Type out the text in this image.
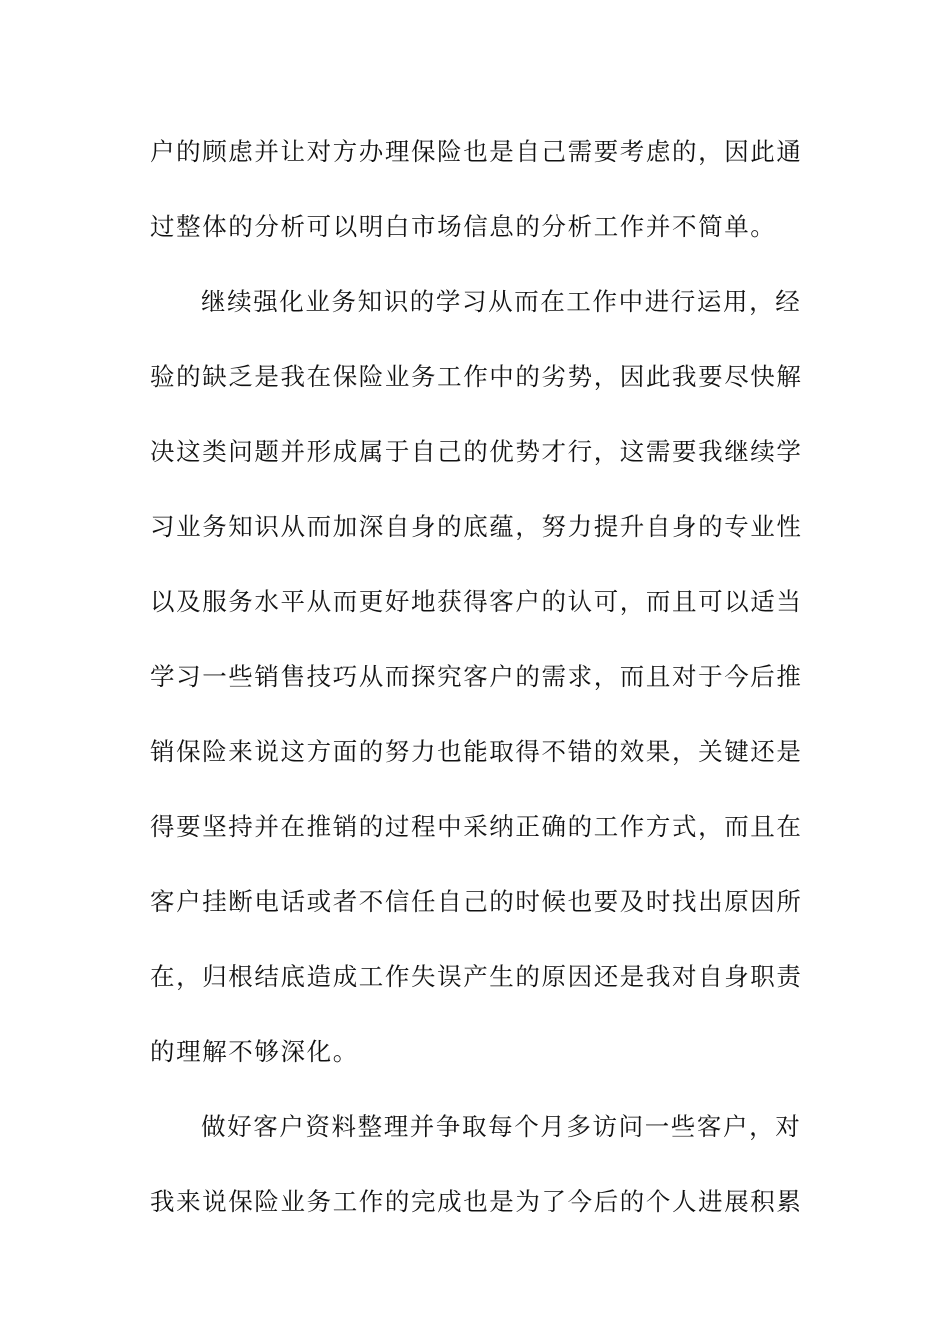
户的顾虑并让对方办理保险也是自己需要考虑的，因此通
过整体的分析可以明白市场信息的分析工作并不简单。
继续强化业务知识的学习从而在工作中进行运用，经
验的缺乏是我在保险业务工作中的劣势，因此我要尽快解
决这类问题并形成属于自己的优势才行，这需要我继续学
习业务知识从而加深自身的底蕴，努力提升自身的专业性
以及服务水平从而更好地获得客户的认可，而且可以适当
学习一些销售技巧从而探究客户的需求，而且对于今后推
销保险来说这方面的努力也能取得不错的效果，关键还是
得要坚持并在推销的过程中采纳正确的工作方式，而且在
客户挂断电话或者不信任自己的时候也要及时找出原因所
在，归根结底造成工作失误产生的原因还是我对自身职责
的理解不够深化。
做好客户资料整理并争取每个月多访问一些客户，对
我来说保险业务工作的完成也是为了今后的个人进展积累
